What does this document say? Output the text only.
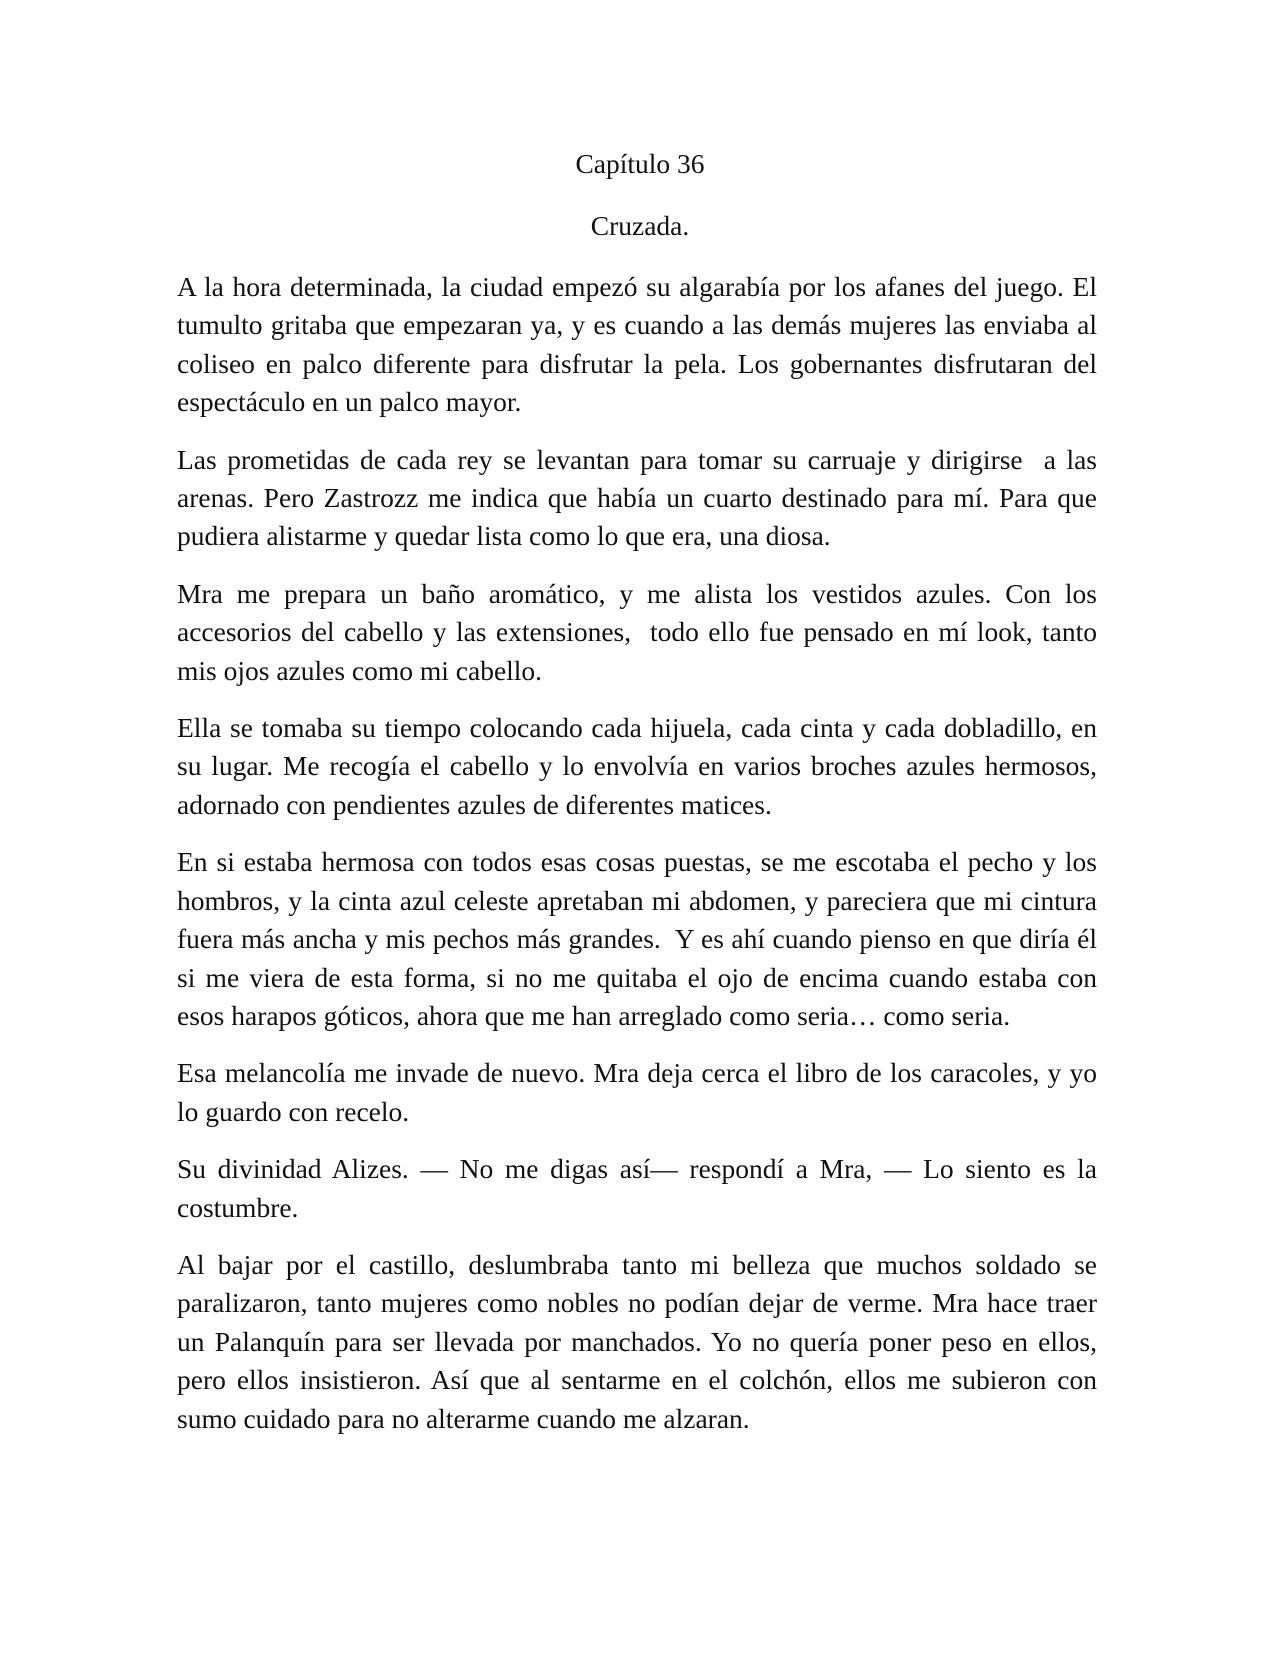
Capítulo 36
Cruzada.

A la hora determinada, la ciudad empezó su algarabía por los afanes del juego. El tumulto gritaba que empezaran ya, y es cuando a las demás mujeres las enviaba al coliseo en palco diferente para disfrutar la pela. Los gobernantes disfrutaran del espectáculo en un palco mayor.

Las prometidas de cada rey se levantan para tomar su carruaje y dirigirse  a las arenas. Pero Zastrozz me indica que había un cuarto destinado para mí. Para que pudiera alistarme y quedar lista como lo que era, una diosa.

Mra me prepara un baño aromático, y me alista los vestidos azules. Con los accesorios del cabello y las extensiones,  todo ello fue pensado en mí look, tanto mis ojos azules como mi cabello.

Ella se tomaba su tiempo colocando cada hijuela, cada cinta y cada dobladillo, en su lugar. Me recogía el cabello y lo envolvía en varios broches azules hermosos,  adornado con pendientes azules de diferentes matices.

En si estaba hermosa con todos esas cosas puestas, se me escotaba el pecho y los hombros, y la cinta azul celeste apretaban mi abdomen, y pareciera que mi cintura fuera más ancha y mis pechos más grandes.  Y es ahí cuando pienso en que diría él si me viera de esta forma, si no me quitaba el ojo de encima cuando estaba con esos harapos góticos, ahora que me han arreglado como seria… como seria.

Esa melancolía me invade de nuevo. Mra deja cerca el libro de los caracoles, y yo lo guardo con recelo.

Su divinidad Alizes. — No me digas así— respondí a Mra, — Lo siento es la costumbre.

Al bajar por el castillo, deslumbraba tanto mi belleza que muchos soldado se paralizaron, tanto mujeres como nobles no podían dejar de verme. Mra hace traer un Palanquín para ser llevada por manchados. Yo no quería poner peso en ellos, pero ellos insistieron. Así que al sentarme en el colchón, ellos me subieron con sumo cuidado para no alterarme cuando me alzaran.
